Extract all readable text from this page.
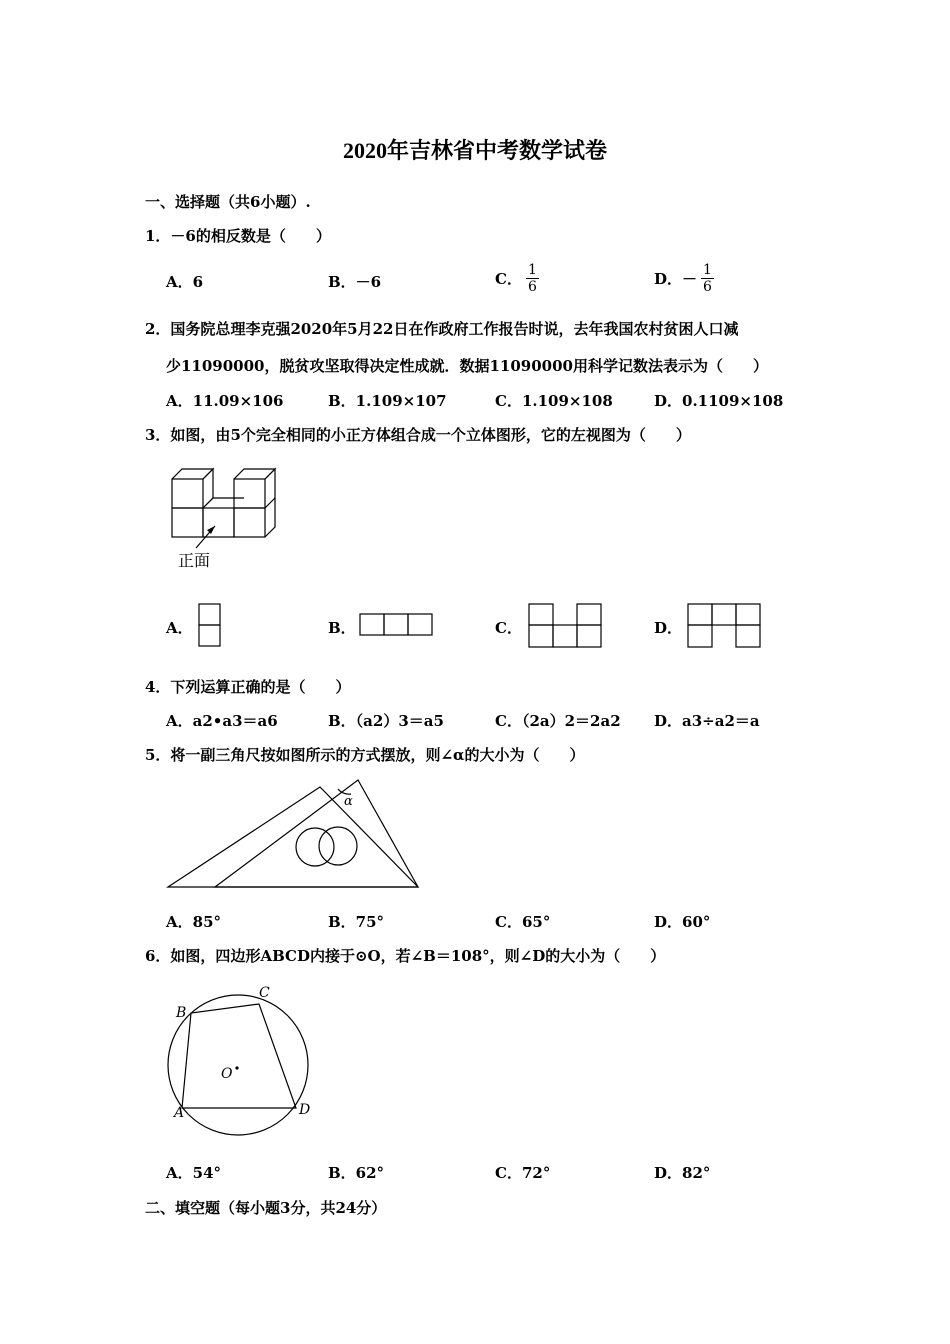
2020年吉林省中考数学试卷
一、选择题（共6小题）.
1．－6的相反数是（　　）
A．6	B．－6	C． $\frac{1}{6}$	D．－ $\frac{1}{6}$
2．国务院总理李克强2020年5月22日在作政府工作报告时说，去年我国农村贫困人口减
少11090000，脱贫攻坚取得决定性成就．数据11090000用科学记数法表示为（　　）
A．11.09×106	B．1.109×107	C．1.109×108	D．0.1109×108
3．如图，由5个完全相同的小正方体组合成一个立体图形，它的左视图为（　　）
正面
A．	B．	C．	D．
4．下列运算正确的是（　　）
A．a2•a3＝a6	B．（a2）3＝a5	C．（2a）2＝2a2 D．a3÷a2＝a
5．将一副三角尺按如图所示的方式摆放，则∠α的大小为（　　）
α
A．85°	B．75°	C．65°	D．60°
6．如图，四边形ABCD内接于⊙O，若∠B＝108°，则∠D的大小为（　　）
A
B
C
D
O
A．54°	B．62°	C．72°	D．82°
二、填空题（每小题3分，共24分）
